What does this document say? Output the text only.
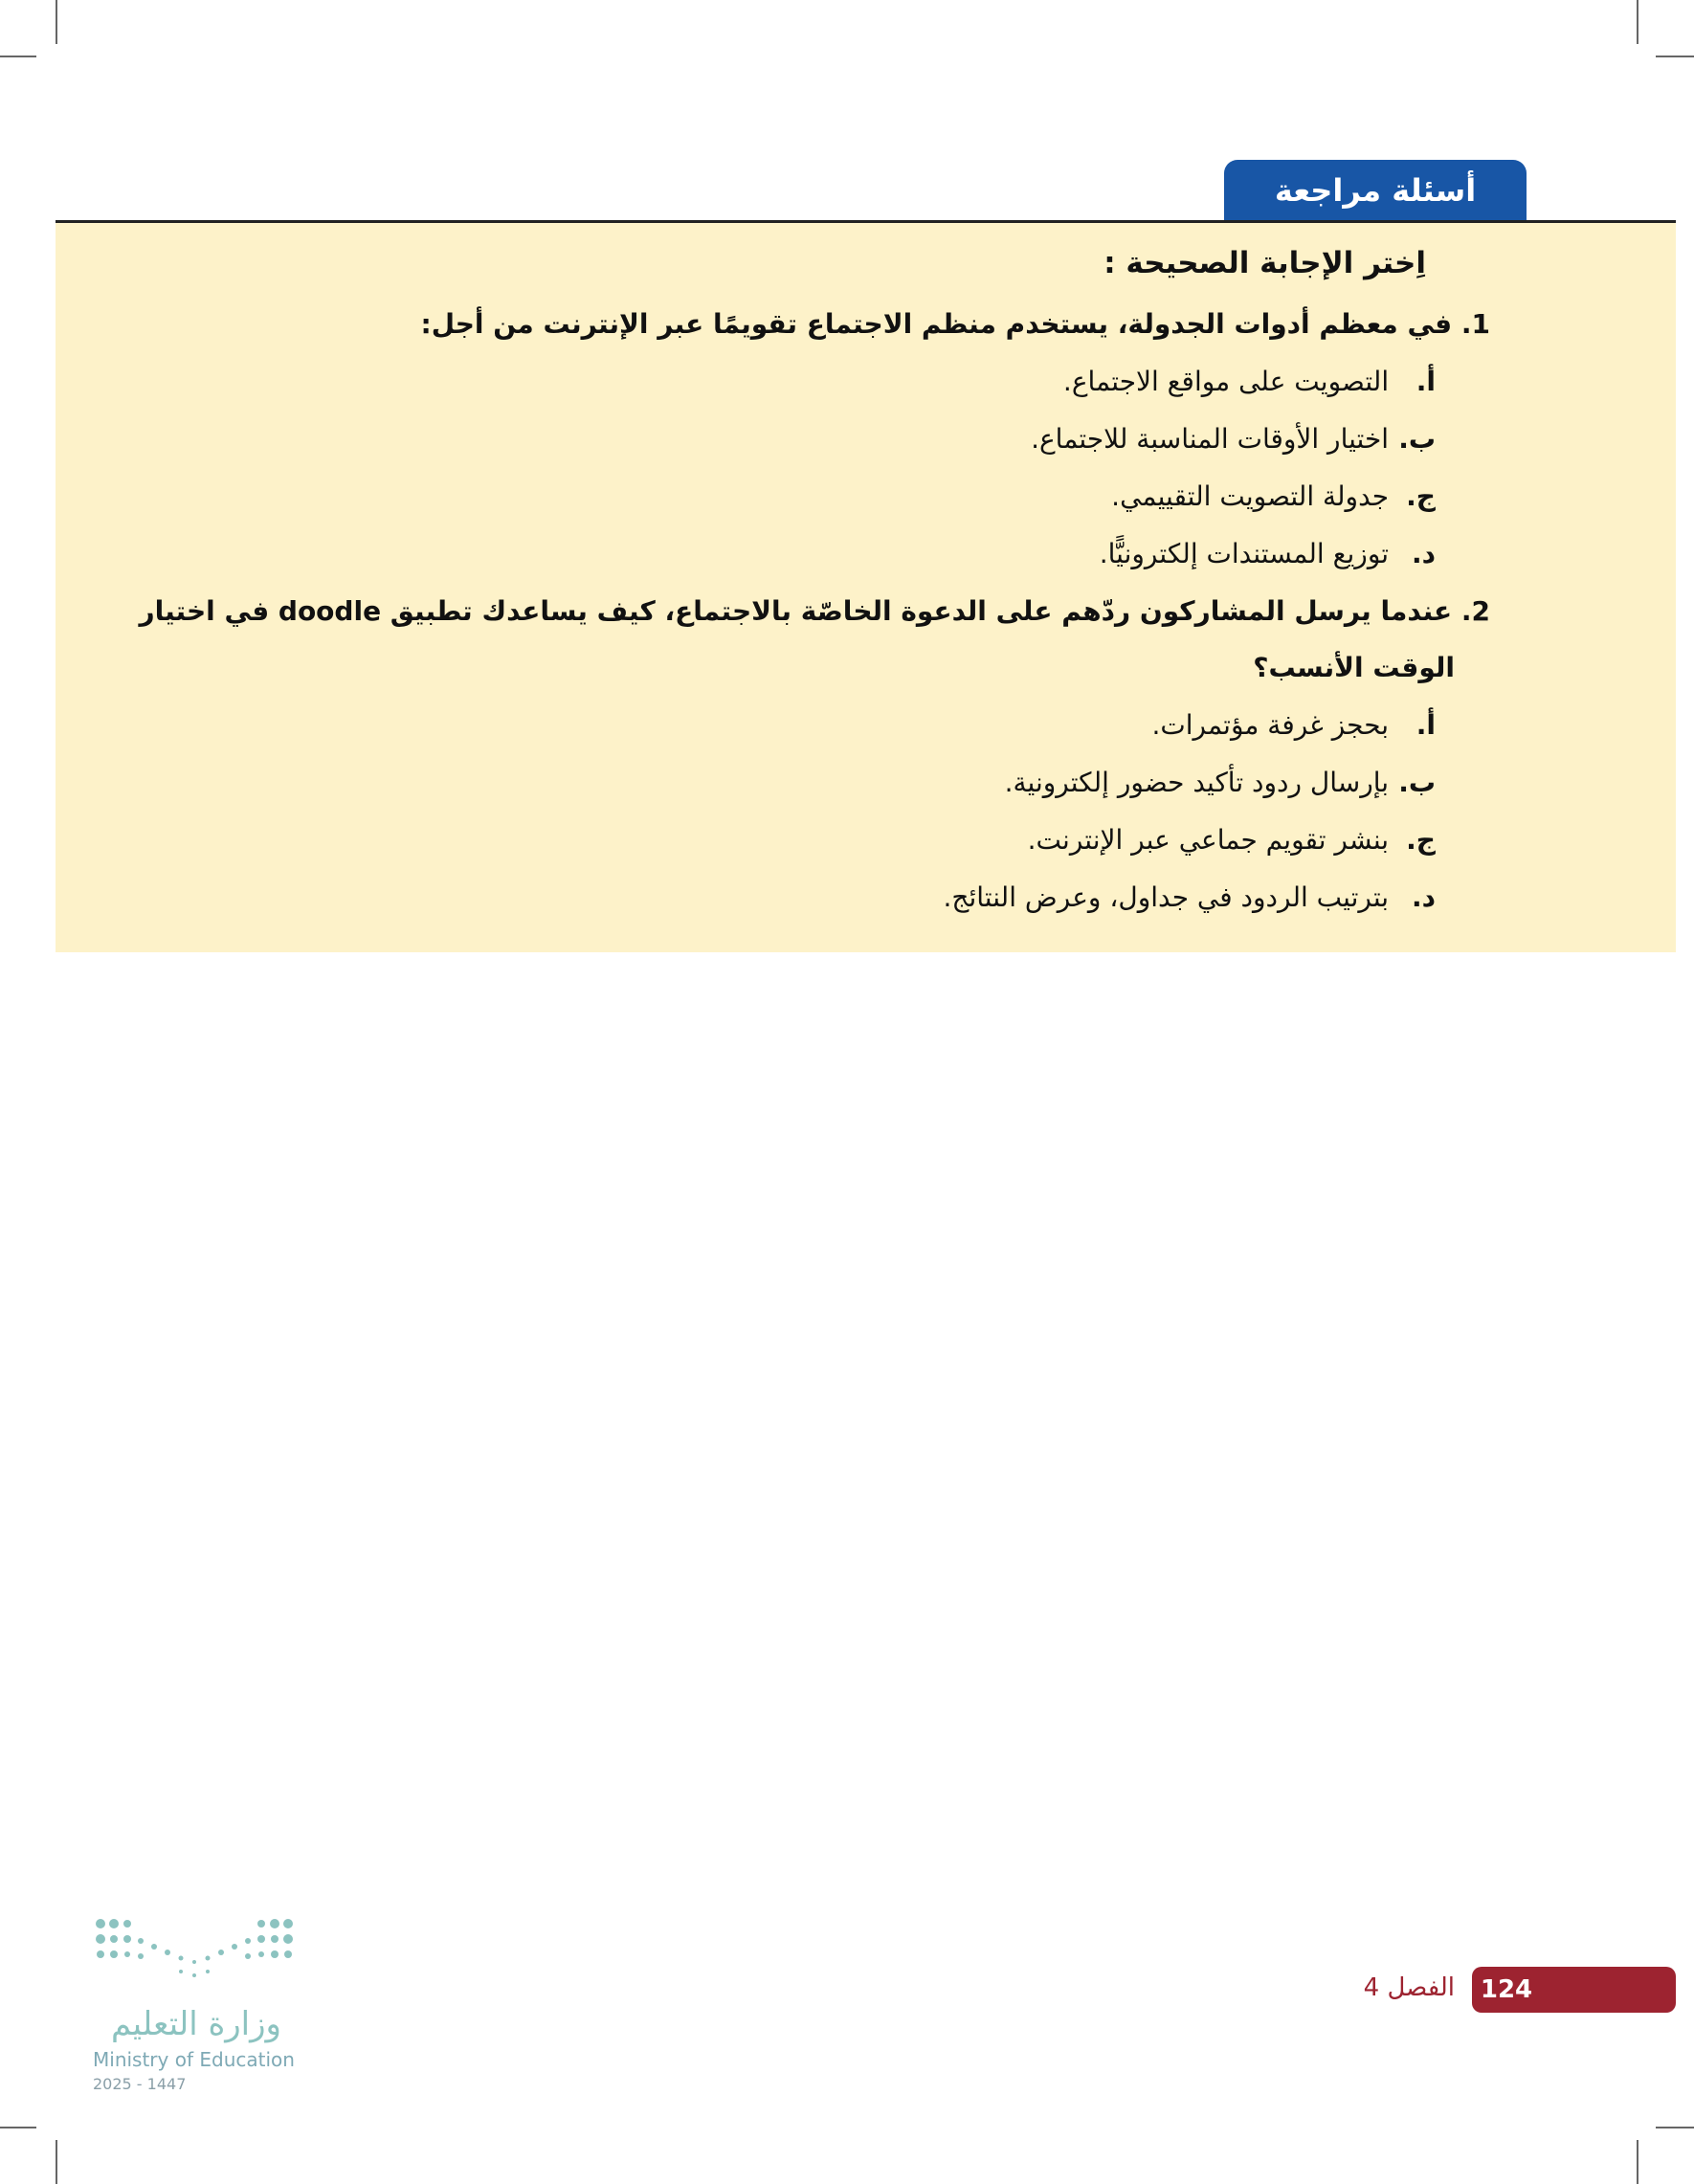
أسئلة مراجعة
اِختر الإجابة الصحيحة :
1. في معظم أدوات الجدولة، يستخدم منظم الاجتماع تقويمًا عبر الإنترنت من أجل:
أ. التصويت على مواقع الاجتماع.
ب. اختيار الأوقات المناسبة للاجتماع.
ج. جدولة التصويت التقييمي.
د. توزيع المستندات إلكترونيًّا.
2. عندما يرسل المشاركون ردّهم على الدعوة الخاصّة بالاجتماع، كيف يساعدك تطبيق doodle في اختيار
الوقت الأنسب؟
أ. بحجز غرفة مؤتمرات.
ب. بإرسال ردود تأكيد حضور إلكترونية.
ج. بنشر تقويم جماعي عبر الإنترنت.
د. بترتيب الردود في جداول، وعرض النتائج.
124
الفصل 4
وزارة التعليم
Ministry of Education
2025 - 1447
